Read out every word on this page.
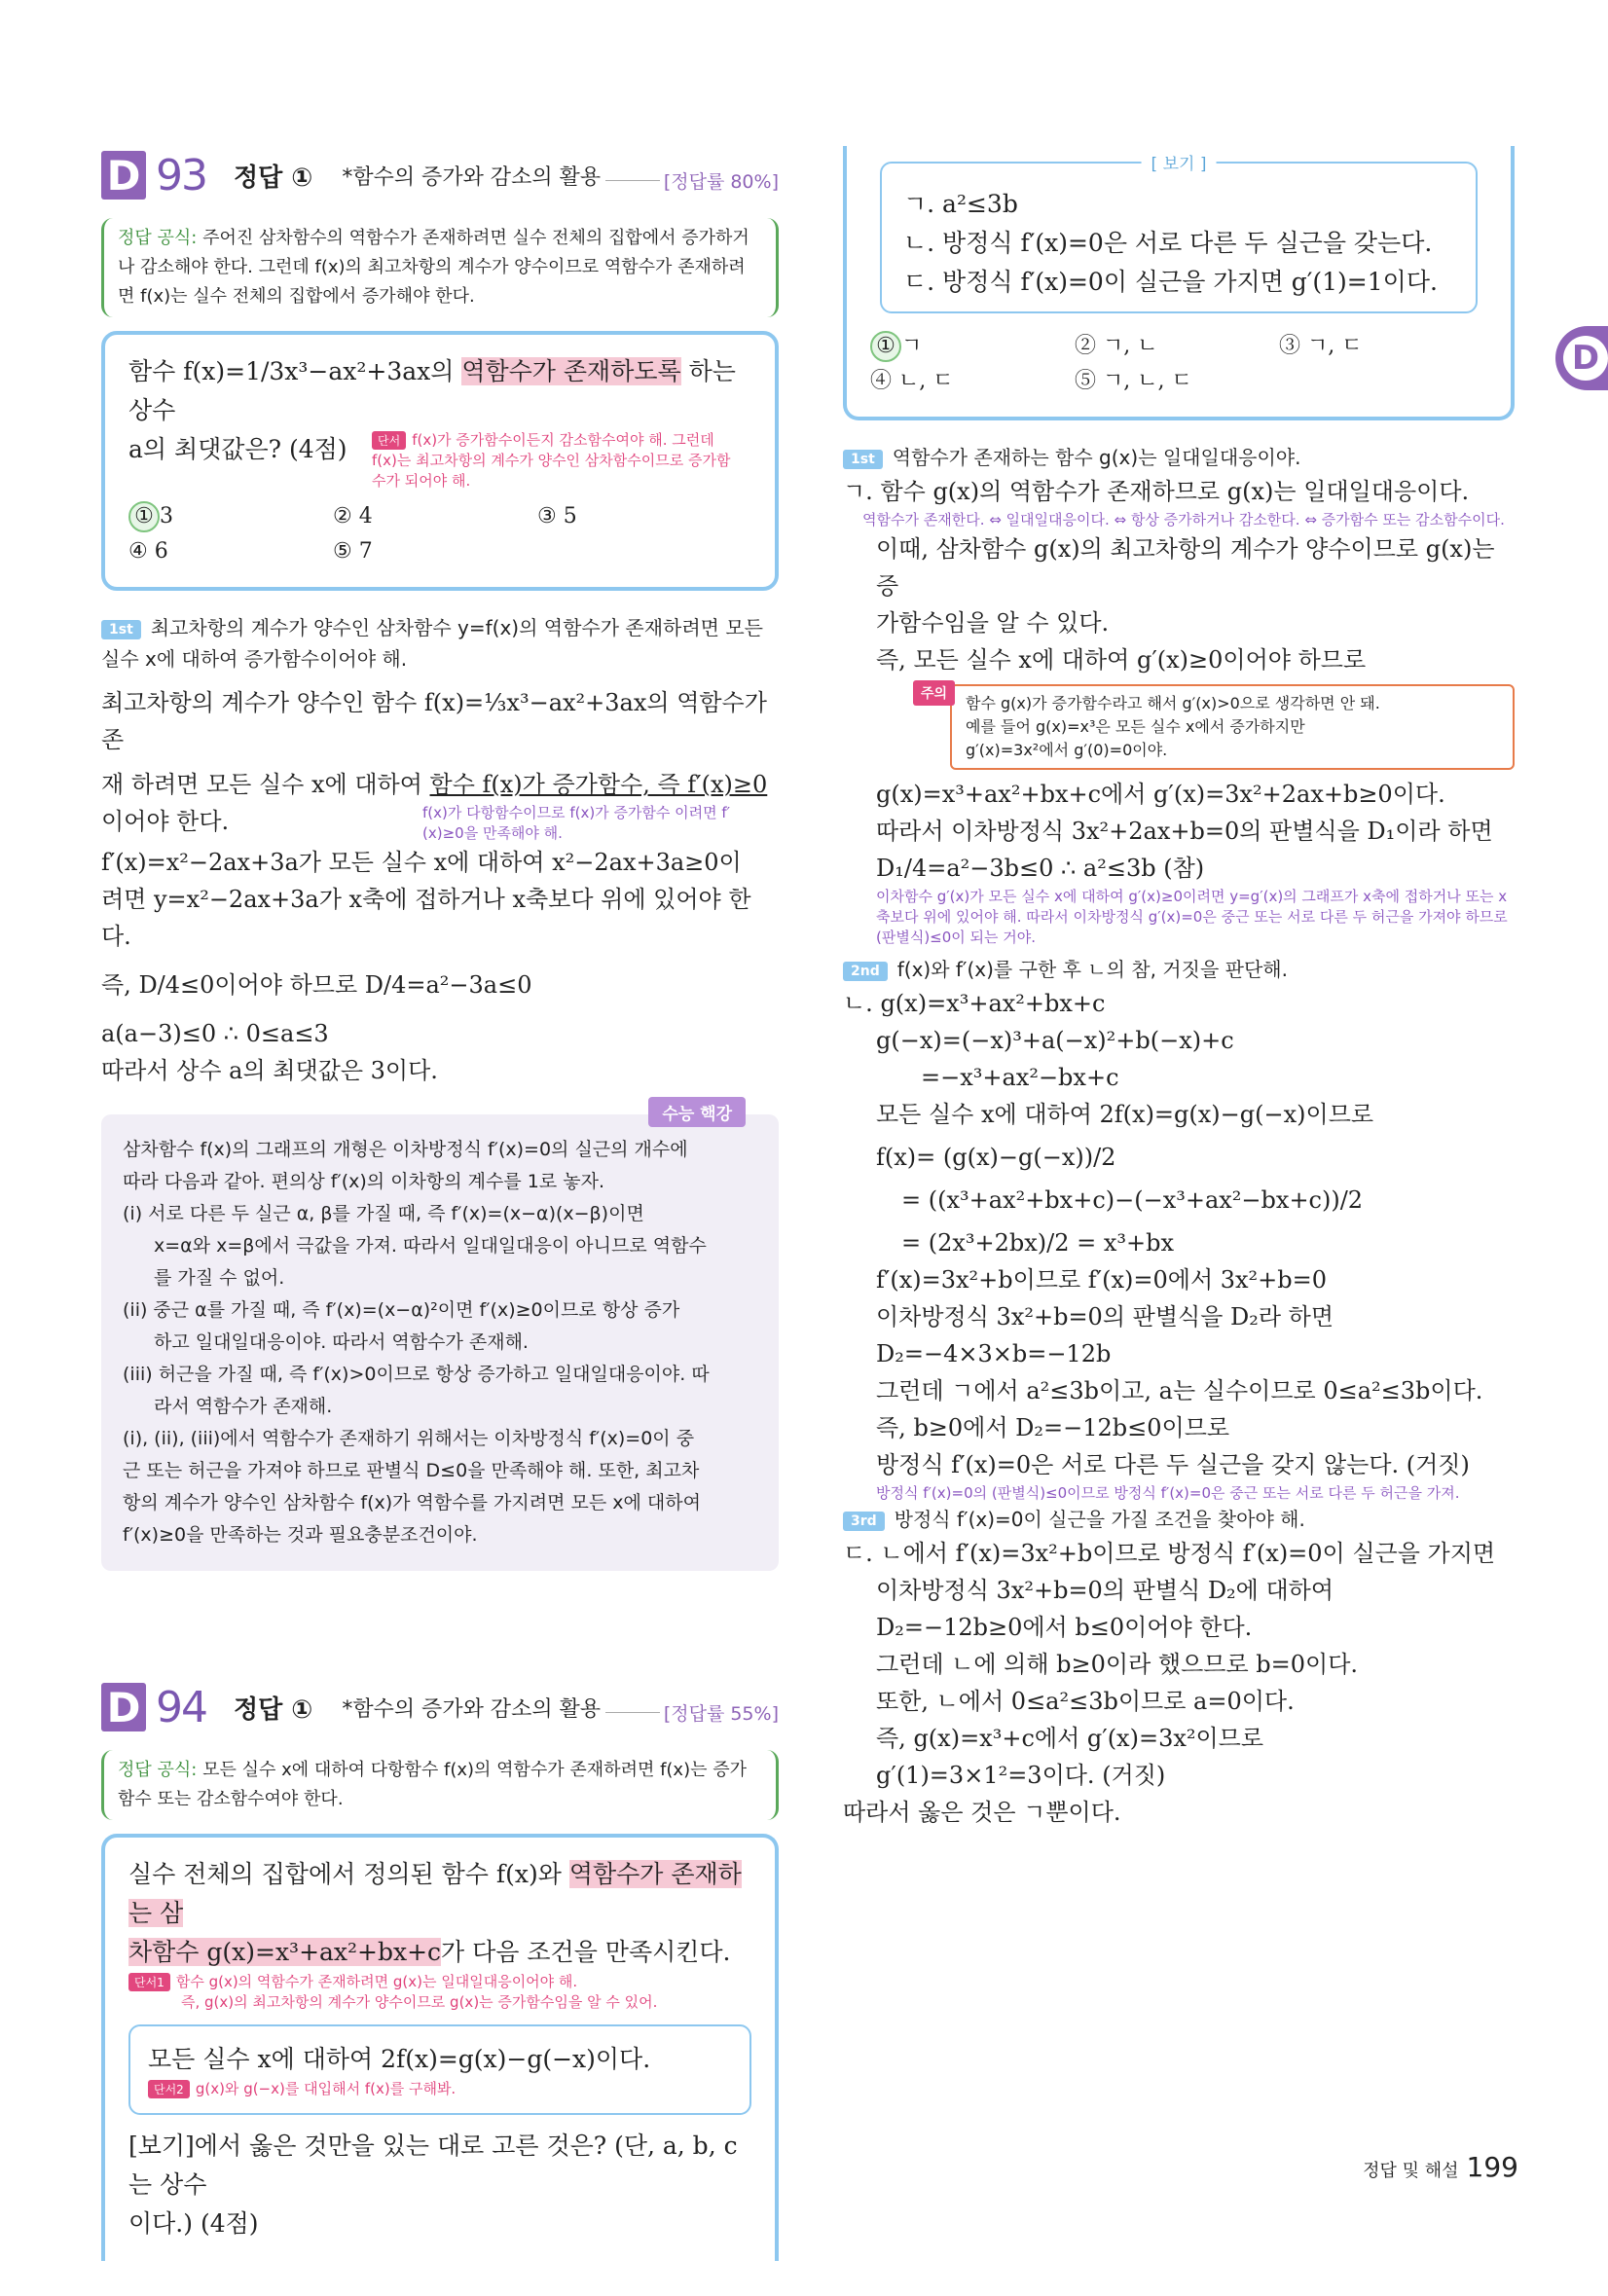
D 93 정답 ① *함수의 증가와 감소의 활용	[정답률 80%]
정답 공식: 주어진 삼차함수의 역함수가 존재하려면 실수 전체의 집합에서 증가하거나 감소해야 한다. 그런데 f(x)의 최고차항의 계수가 양수이므로 역함수가 존재하려면 f(x)는 실수 전체의 집합에서 증가해야 한다.
함수 f(x)=1/3x³−ax²+3ax의 역함수가 존재하도록 하는 상수
a의 최댓값은? (4점)	단서 f(x)가 증가함수이든지 감소함수여야 해. 그런데 f(x)는 최고차항의 계수가 양수인 삼차함수이므로 증가함수가 되어야 해.
① 3	② 4	③ 5
④ 6	⑤ 7
1st 최고차항의 계수가 양수인 삼차함수 y=f(x)의 역함수가 존재하려면 모든 실수 x에 대하여 증가함수이어야 해.
최고차항의 계수가 양수인 함수 f(x)=⅓x³−ax²+3ax의 역함수가 존
재 하려면 모든 실수 x에 대하여 함수 f(x)가 증가함수, 즉 f′(x)≥0
이어야 한다.	f(x)가 다항함수이므로 f(x)가 증가함수 이려면 f′(x)≥0을 만족해야 해.
f′(x)=x²−2ax+3a가 모든 실수 x에 대하여 x²−2ax+3a≥0이
려면 y=x²−2ax+3a가 x축에 접하거나 x축보다 위에 있어야 한다.
즉, D/4≤0이어야 하므로 D/4=a²−3a≤0
a(a−3)≤0 ∴ 0≤a≤3
따라서 상수 a의 최댓값은 3이다.
수능 핵강
삼차함수 f(x)의 그래프의 개형은 이차방정식 f′(x)=0의 실근의 개수에
따라 다음과 같아. 편의상 f′(x)의 이차항의 계수를 1로 놓자.
(i) 서로 다른 두 실근 α, β를 가질 때, 즉 f′(x)=(x−α)(x−β)이면
x=α와 x=β에서 극값을 가져. 따라서 일대일대응이 아니므로 역함수
를 가질 수 없어.
(ii) 중근 α를 가질 때, 즉 f′(x)=(x−α)²이면 f′(x)≥0이므로 항상 증가
하고 일대일대응이야. 따라서 역함수가 존재해.
(iii) 허근을 가질 때, 즉 f′(x)>0이므로 항상 증가하고 일대일대응이야. 따
라서 역함수가 존재해.
(i), (ii), (iii)에서 역함수가 존재하기 위해서는 이차방정식 f′(x)=0이 중
근 또는 허근을 가져야 하므로 판별식 D≤0을 만족해야 해. 또한, 최고차
항의 계수가 양수인 삼차함수 f(x)가 역함수를 가지려면 모든 x에 대하여
f′(x)≥0을 만족하는 것과 필요충분조건이야.
D 94 정답 ① *함수의 증가와 감소의 활용	[정답률 55%]
정답 공식: 모든 실수 x에 대하여 다항함수 f(x)의 역함수가 존재하려면 f(x)는 증가함수 또는 감소함수여야 한다.
실수 전체의 집합에서 정의된 함수 f(x)와 역함수가 존재하는 삼
차함수 g(x)=x³+ax²+bx+c가 다음 조건을 만족시킨다.
단서1 함수 g(x)의 역함수가 존재하려면 g(x)는 일대일대응이어야 해.
즉, g(x)의 최고차항의 계수가 양수이므로 g(x)는 증가함수임을 알 수 있어.
모든 실수 x에 대하여 2f(x)=g(x)−g(−x)이다.
단서2 g(x)와 g(−x)를 대입해서 f(x)를 구해봐.
[보기]에서 옳은 것만을 있는 대로 고른 것은? (단, a, b, c는 상수
이다.) (4점)
[ 보기 ]
ㄱ. a²≤3b
ㄴ. 방정식 f′(x)=0은 서로 다른 두 실근을 갖는다.
ㄷ. 방정식 f′(x)=0이 실근을 가지면 g′(1)=1이다.
① ㄱ	② ㄱ, ㄴ	③ ㄱ, ㄷ
④ ㄴ, ㄷ	⑤ ㄱ, ㄴ, ㄷ
1st 역함수가 존재하는 함수 g(x)는 일대일대응이야.
ㄱ. 함수 g(x)의 역함수가 존재하므로 g(x)는 일대일대응이다.
역함수가 존재한다. ⇔ 일대일대응이다. ⇔ 항상 증가하거나 감소한다. ⇔ 증가함수 또는 감소함수이다.
이때, 삼차함수 g(x)의 최고차항의 계수가 양수이므로 g(x)는 증
가함수임을 알 수 있다.
즉, 모든 실수 x에 대하여 g′(x)≥0이어야 하므로
주의	함수 g(x)가 증가함수라고 해서 g′(x)>0으로 생각하면 안 돼.
예를 들어 g(x)=x³은 모든 실수 x에서 증가하지만
g′(x)=3x²에서 g′(0)=0이야.
g(x)=x³+ax²+bx+c에서 g′(x)=3x²+2ax+b≥0이다.
따라서 이차방정식 3x²+2ax+b=0의 판별식을 D₁이라 하면
D₁/4=a²−3b≤0 ∴ a²≤3b (참)
이차함수 g′(x)가 모든 실수 x에 대하여 g′(x)≥0이려면 y=g′(x)의 그래프가 x축에 접하거나 또는 x축보다 위에 있어야 해. 따라서 이차방정식 g′(x)=0은 중근 또는 서로 다른 두 허근을 가져야 하므로 (판별식)≤0이 되는 거야.
2nd f(x)와 f′(x)를 구한 후 ㄴ의 참, 거짓을 판단해.
ㄴ. g(x)=x³+ax²+bx+c
g(−x)=(−x)³+a(−x)²+b(−x)+c
=−x³+ax²−bx+c
모든 실수 x에 대하여 2f(x)=g(x)−g(−x)이므로
f(x)= (g(x)−g(−x))/2
= ((x³+ax²+bx+c)−(−x³+ax²−bx+c))/2
= (2x³+2bx)/2 = x³+bx
f′(x)=3x²+b이므로 f′(x)=0에서 3x²+b=0
이차방정식 3x²+b=0의 판별식을 D₂라 하면
D₂=−4×3×b=−12b
그런데 ㄱ에서 a²≤3b이고, a는 실수이므로 0≤a²≤3b이다.
즉, b≥0에서 D₂=−12b≤0이므로
방정식 f′(x)=0은 서로 다른 두 실근을 갖지 않는다. (거짓)
방정식 f′(x)=0의 (판별식)≤0이므로 방정식 f′(x)=0은 중근 또는 서로 다른 두 허근을 가져.
3rd 방정식 f′(x)=0이 실근을 가질 조건을 찾아야 해.
ㄷ. ㄴ에서 f′(x)=3x²+b이므로 방정식 f′(x)=0이 실근을 가지면
이차방정식 3x²+b=0의 판별식 D₂에 대하여
D₂=−12b≥0에서 b≤0이어야 한다.
그런데 ㄴ에 의해 b≥0이라 했으므로 b=0이다.
또한, ㄴ에서 0≤a²≤3b이므로 a=0이다.
즉, g(x)=x³+c에서 g′(x)=3x²이므로
g′(1)=3×1²=3이다. (거짓)
따라서 옳은 것은 ㄱ뿐이다.
D
정답 및 해설 199
